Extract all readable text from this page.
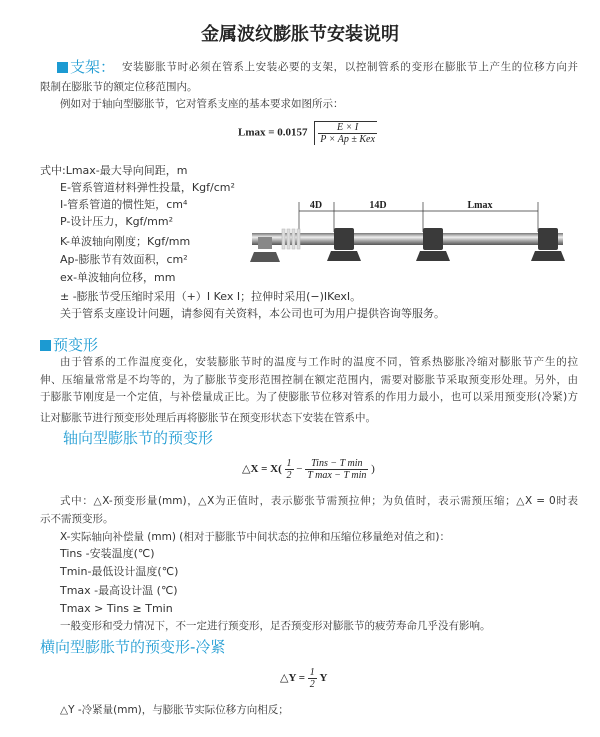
金属波纹膨胀节安装说明
支架： 安装膨胀节时必须在管系上安装必要的支架，以控制管系的变形在膨胀节上产生的位移方向并
限制在膨胀节的额定位移范围内。
例如对于轴向型膨胀节，它对管系支座的基本要求如图所示：
$Lmax = 0.0157 \frac{E \times I}{\text{P × Ap ± Kex}}$
式中:Lmax-最大导向间距，m
E-管系管道材料弹性投量，Kgf/cm²
I-管系管道的惯性矩，cm⁴
P-设计压力，Kgf/mm²
K-单波轴向刚度；Kgf/mm
Ap-膨胀节有效面积，cm²
ex-单波轴向位移，mm
± -膨胀节受压缩时采用（+）I Kex I；拉伸时采用(−)IKexI。
关于管系支座设计问题，请参阅有关资料，本公司也可为用户提供咨询等服务。
4D	14D	Lmax
预变形
由于管系的工作温度变化，安装膨胀节时的温度与工作时的温度不同，管系热膨胀冷缩对膨胀节产生的拉
伸、压缩量常常是不均等的，为了膨胀节变形范围控制在额定范围内，需要对膨胀节采取预变形处理。另外，由
于膨胀节刚度是一个定值，与补偿量成正比。为了使膨胀节位移对管系的作用力最小，也可以采用预变形(冷紧)方
让对膨胀节进行预变形处理后再将膨胀节在预变形状态下安装在管系中。
轴向型膨胀节的预变形
△X = $X( \frac{1}{2} - \frac{\text{Tins − T min}}{\text{T max − T min}}$ )
式中：△X-预变形量(mm)，△X为正值时，表示膨张节需预拉伸；为负值时，表示需预压缩；△X = 0时表
示不需预变形。
X-实际轴向补偿量 (mm) (相对于膨胀节中间状态的拉伸和压缩位移量绝对值之和)：
Tins -安装温度(℃)
Tmin-最低设计温度(℃)
Tmax -最高设计温 (℃)
Tmax > Tins ≥ Tmin
一般变形和受力情况下，不一定进行预变形，足否预变形对膨胀节的疲劳寿命几乎没有影响。
横向型膨胀节的预变形-冷紧
△Y = $\frac{1}{2}$ Y
△Y -冷紧量(mm)，与膨胀节实际位移方向相反；
